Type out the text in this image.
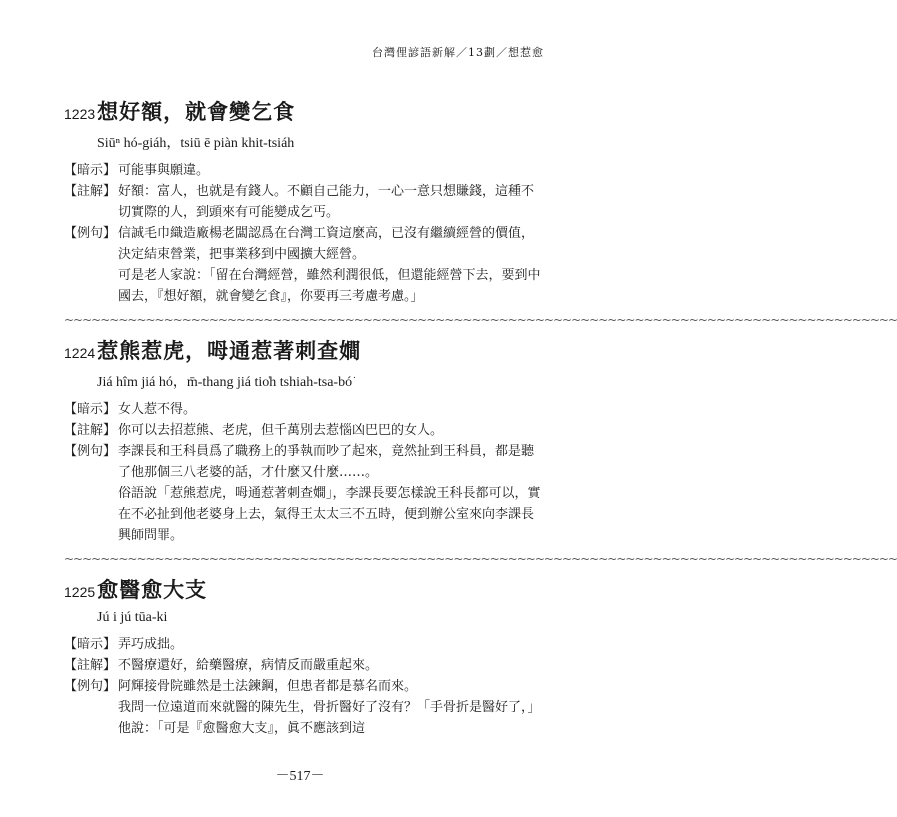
台灣俚諺語新解／13劃／想惹愈
1223 想好額，就會變乞食
Siūⁿ hó-giáh，tsiū ē piàn khit-tsiáh
【暗示】 可能事與願違。
【註解】 好額：富人，也就是有錢人。不顧自己能力，一心一意只想賺錢，這種不切實際的人，到頭來有可能變成乞丐。
【例句】 信誠毛巾織造廠楊老闆認爲在台灣工資這麼高，已沒有繼續經營的價值，決定結束營業，把事業移到中國擴大經營。
可是老人家說：「留在台灣經營，雖然利潤很低，但還能經營下去，要到中國去，『想好額，就會變乞食』，你要再三考慮考慮。」
~~~~~~~~~~~~~~~~~~~~~~~~~~~~~~~~~~~~~~~~~~~~~~~~~~~~~~~~~~~~~~~~~~~~~~~~~~~~~~~~~~~~~~~~~~~~
1224 惹熊惹虎，呣通惹著刺查𡢃
Jiá hîm jiá hó，m̄-thang jiá tio̍h tshiah-tsa-bó͘
【暗示】 女人惹不得。
【註解】 你可以去招惹熊、老虎，但千萬別去惹惱凶巴巴的女人。
【例句】 李課長和王科員爲了職務上的爭執而吵了起來，竟然扯到王科員，都是聽了他那個三八老婆的話，才什麼又什麼……。
俗語說「惹熊惹虎，呣通惹著刺查𡢃」，李課長要怎樣說王科長都可以，實在不必扯到他老婆身上去，氣得王太太三不五時，便到辦公室來向李課長興師問罪。
~~~~~~~~~~~~~~~~~~~~~~~~~~~~~~~~~~~~~~~~~~~~~~~~~~~~~~~~~~~~~~~~~~~~~~~~~~~~~~~~~~~~~~~~~~~~
1225 愈醫愈大支
Jú i jú tūa-ki
【暗示】 弄巧成拙。
【註解】 不醫療還好，給藥醫療，病情反而嚴重起來。
【例句】 阿輝接骨院雖然是土法鍊鋼，但患者都是慕名而來。
我問一位遠道而來就醫的陳先生，骨折醫好了沒有？「手骨折是醫好了，」他說：「可是『愈醫愈大支』，眞不應該到這
－517－
